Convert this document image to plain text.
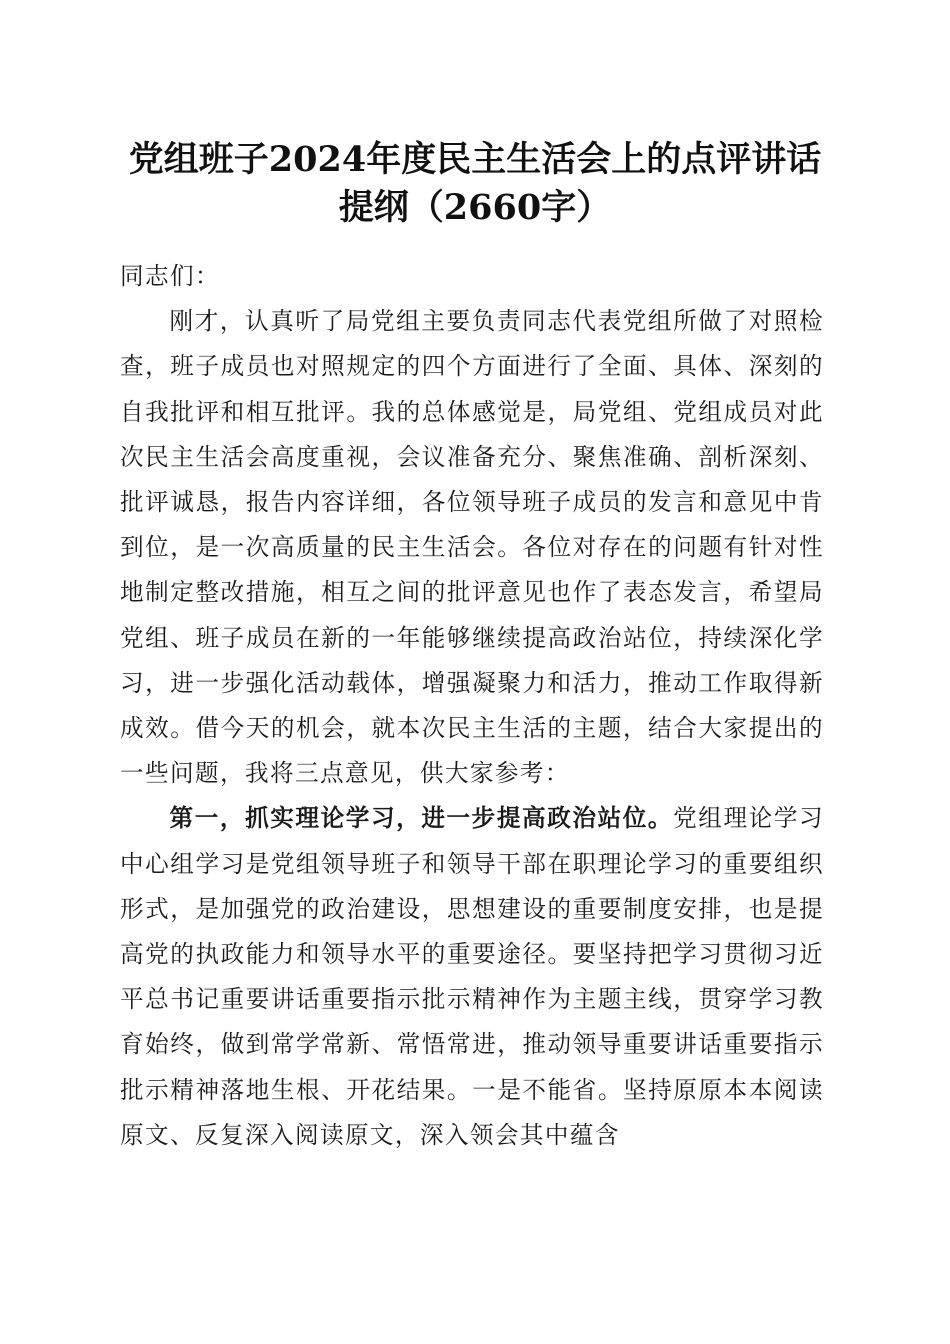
党组班子2024年度民主生活会上的点评讲话
提纲（2660字）

同志们：

刚才，认真听了局党组主要负责同志代表党组所做了对照检查，班子成员也对照规定的四个方面进行了全面、具体、深刻的自我批评和相互批评。我的总体感觉是，局党组、党组成员对此次民主生活会高度重视，会议准备充分、聚焦准确、剖析深刻、批评诚恳，报告内容详细，各位领导班子成员的发言和意见中肯到位，是一次高质量的民主生活会。各位对存在的问题有针对性地制定整改措施，相互之间的批评意见也作了表态发言，希望局党组、班子成员在新的一年能够继续提高政治站位，持续深化学习，进一步强化活动载体，增强凝聚力和活力，推动工作取得新成效。借今天的机会，就本次民主生活的主题，结合大家提出的一些问题，我将三点意见，供大家参考：

第一，抓实理论学习，进一步提高政治站位。党组理论学习中心组学习是党组领导班子和领导干部在职理论学习的重要组织形式，是加强党的政治建设，思想建设的重要制度安排，也是提高党的执政能力和领导水平的重要途径。要坚持把学习贯彻习近平总书记重要讲话重要指示批示精神作为主题主线，贯穿学习教育始终，做到常学常新、常悟常进，推动领导重要讲话重要指示批示精神落地生根、开花结果。一是不能省。坚持原原本本阅读原文、反复深入阅读原文，深入领会其中蕴含
